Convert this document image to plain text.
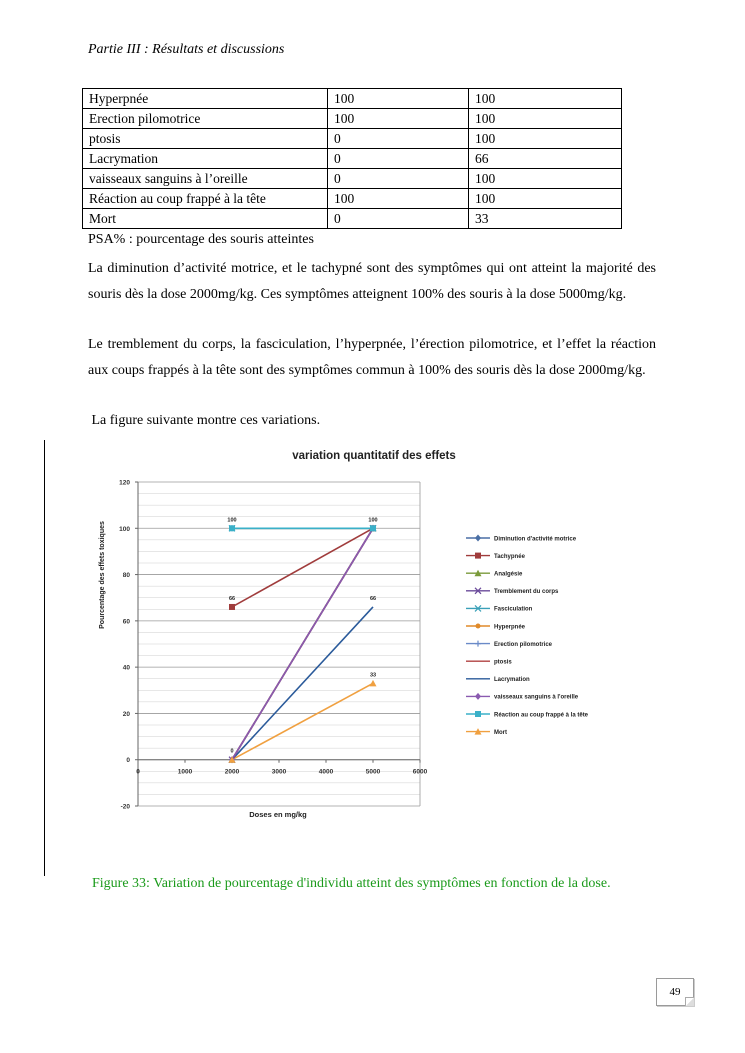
Partie III : Résultats et discussions
Hyperpnée	100	100
Erection pilomotrice	100	100
ptosis	0	100
Lacrymation	0	66
vaisseaux sanguins à l’oreille	0	100
Réaction au coup frappé à la tête	100	100
Mort	0	33
PSA% : pourcentage des souris atteintes
La diminution d’activité motrice, et le tachypné sont des symptômes qui ont atteint la majorité des souris dès la dose 2000mg/kg. Ces symptômes atteignent 100% des souris à la dose 5000mg/kg.
Le tremblement du corps, la fasciculation, l’hyperpnée, l’érection pilomotrice, et l’effet la réaction aux coups frappés à la tête sont des symptômes commun à 100% des souris dès la dose 2000mg/kg.
La figure suivante montre ces variations.
variation quantitatif des effets
-20
0
20
40
60
80
100
120
0	1000	2000	3000	4000	5000	6000
100	100
66	66
33
0
Diminution d'activité motrice
Tachypnée
Analgésie
Tremblement du corps
Fasciculation
Hyperpnée
Erection pilomotrice
ptosis
Lacrymation
vaisseaux sanguins à l'oreille
Réaction au coup frappé à la tête
Mort
Doses en mg/kg
Pourcentage des effets toxiques
Figure 33: Variation de pourcentage d'individu atteint des symptômes en fonction de la dose.
49
